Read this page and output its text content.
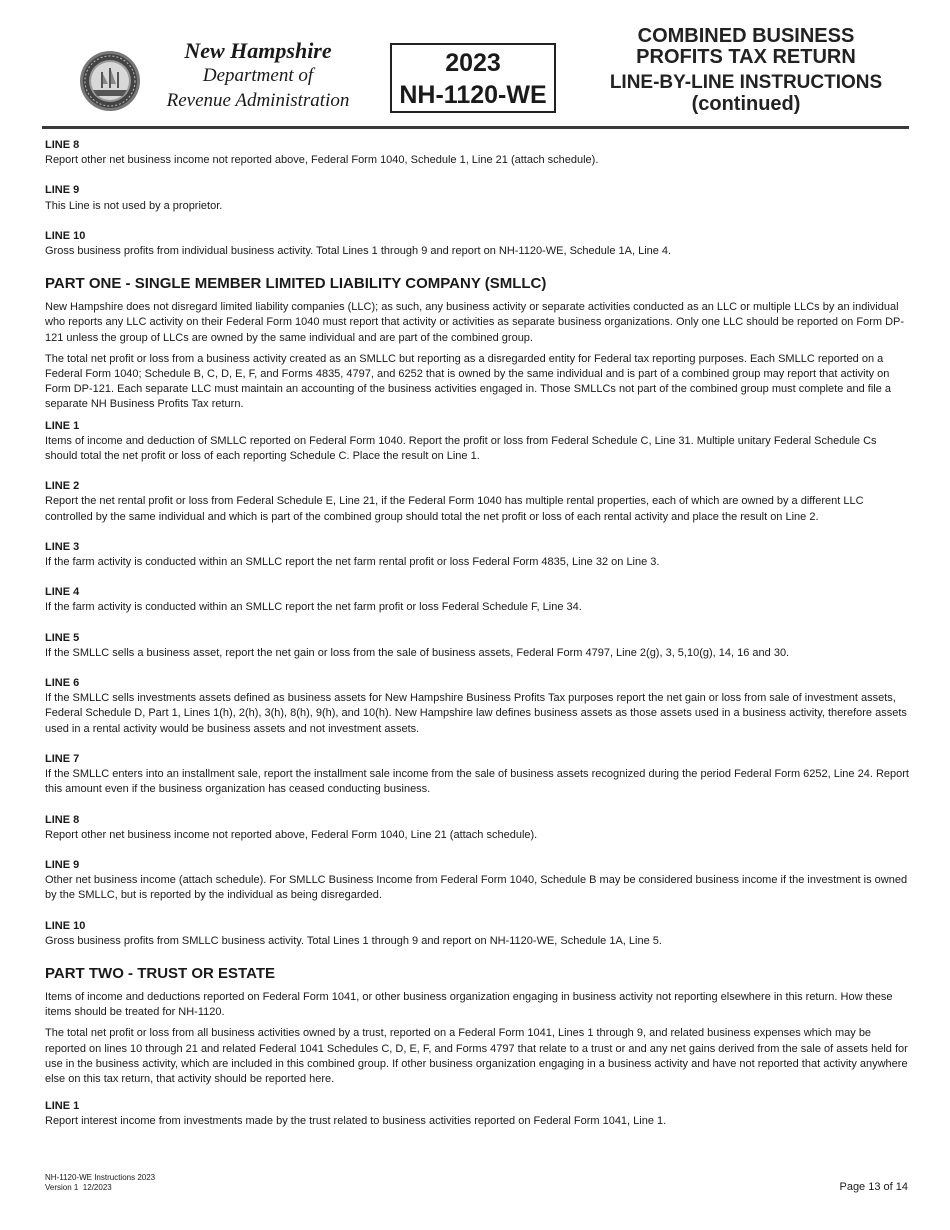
New Hampshire
Department of
Revenue Administration
2023
NH-1120-WE
COMBINED BUSINESS
PROFITS TAX RETURN
LINE-BY-LINE INSTRUCTIONS
(continued)
LINE 8
Report other net business income not reported above, Federal Form 1040, Schedule 1, Line 21 (attach schedule).
LINE 9
This Line is not used by a proprietor.
LINE 10
Gross business profits from individual business activity. Total Lines 1 through 9 and report on NH-1120-WE, Schedule 1A, Line 4.
PART ONE - SINGLE MEMBER LIMITED LIABILITY COMPANY (SMLLC)
New Hampshire does not disregard limited liability companies (LLC); as such, any business activity or separate activities conducted as an LLC or multiple LLCs by an individual who reports any LLC activity on their Federal Form 1040 must report that activity or activities as separate business organizations. Only one LLC should be reported on Form DP-121 unless the group of LLCs are owned by the same individual and are part of the combined group.
The total net profit or loss from a business activity created as an SMLLC but reporting as a disregarded entity for Federal tax reporting purposes. Each SMLLC reported on a Federal Form 1040; Schedule B, C, D, E, F, and Forms 4835, 4797, and 6252 that is owned by the same individual and is part of a combined group may report that activity on Form DP-121. Each separate LLC must maintain an accounting of the business activities engaged in. Those SMLLCs not part of the combined group must complete and file a separate NH Business Profits Tax return.
LINE 1
Items of income and deduction of SMLLC reported on Federal Form 1040. Report the profit or loss from Federal Schedule C, Line 31. Multiple unitary Federal Schedule Cs should total the net profit or loss of each reporting Schedule C. Place the result on Line 1.
LINE 2
Report the net rental profit or loss from Federal Schedule E, Line 21, if the Federal Form 1040 has multiple rental properties, each of which are owned by a different LLC controlled by the same individual and which is part of the combined group should total the net profit or loss of each rental activity and place the result on Line 2.
LINE 3
If the farm activity is conducted within an SMLLC report the net farm rental profit or loss Federal Form 4835, Line 32 on Line 3.
LINE 4
If the farm activity is conducted within an SMLLC report the net farm profit or loss Federal Schedule F, Line 34.
LINE 5
If the SMLLC sells a business asset, report the net gain or loss from the sale of business assets, Federal Form 4797, Line 2(g), 3, 5,10(g), 14, 16 and 30.
LINE 6
If the SMLLC sells investments assets defined as business assets for New Hampshire Business Profits Tax purposes report the net gain or loss from sale of investment assets, Federal Schedule D, Part 1, Lines 1(h), 2(h), 3(h), 8(h), 9(h), and 10(h). New Hampshire law defines business assets as those assets used in a business activity, therefore assets used in a rental activity would be business assets and not investment assets.
LINE 7
If the SMLLC enters into an installment sale, report the installment sale income from the sale of business assets recognized during the period Federal Form 6252, Line 24. Report this amount even if the business organization has ceased conducting business.
LINE 8
Report other net business income not reported above, Federal Form 1040, Line 21 (attach schedule).
LINE 9
Other net business income (attach schedule). For SMLLC Business Income from Federal Form 1040, Schedule B may be considered business income if the investment is owned by the SMLLC, but is reported by the individual as being disregarded.
LINE 10
Gross business profits from SMLLC business activity. Total Lines 1 through 9 and report on NH-1120-WE, Schedule 1A, Line 5.
PART TWO - TRUST OR ESTATE
Items of income and deductions reported on Federal Form 1041, or other business organization engaging in business activity not reporting elsewhere in this return. How these items should be treated for NH-1120.
The total net profit or loss from all business activities owned by a trust, reported on a Federal Form 1041, Lines 1 through 9, and related business expenses which may be reported on lines 10 through 21 and related Federal 1041 Schedules C, D, E, F, and Forms 4797 that relate to a trust or and any net gains derived from the sale of assets held for use in the business activity, which are included in this combined group. If other business organization engaging in a business activity and have not reported that activity anywhere else on this tax return, that activity should be reported here.
LINE 1
Report interest income from investments made by the trust related to business activities reported on Federal Form 1041, Line 1.
NH-1120-WE Instructions 2023
Version 1  12/2023	Page 13 of 14
